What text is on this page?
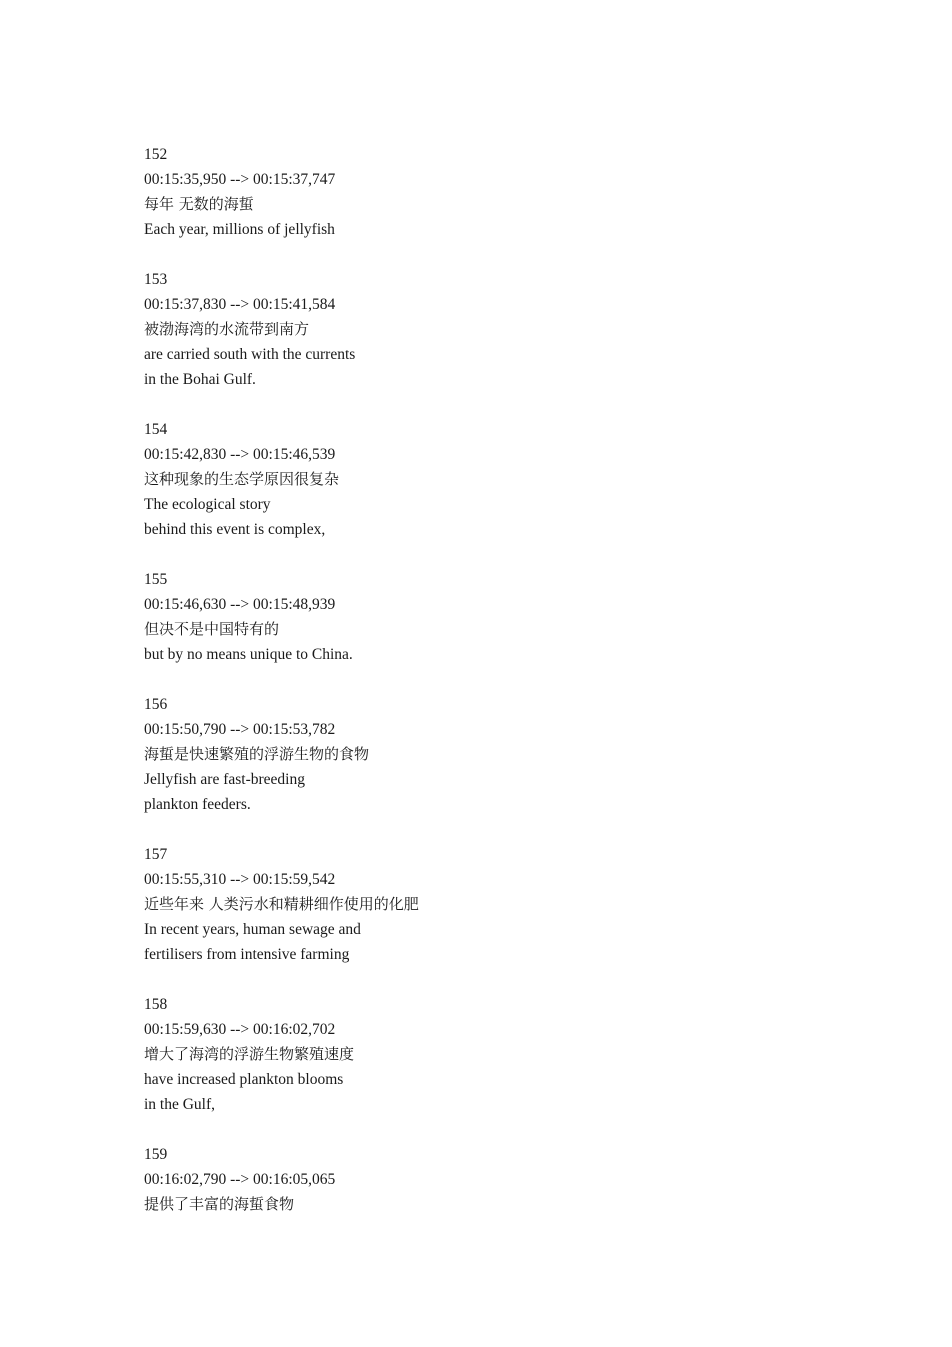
152
00:15:35,950 --> 00:15:37,747
每年 无数的海蜇
Each year, millions of jellyfish
153
00:15:37,830 --> 00:15:41,584
被渤海湾的水流带到南方
are carried south with the currents
in the Bohai Gulf.
154
00:15:42,830 --> 00:15:46,539
这种现象的生态学原因很复杂
The ecological story
behind this event is complex,
155
00:15:46,630 --> 00:15:48,939
但决不是中国特有的
but by no means unique to China.
156
00:15:50,790 --> 00:15:53,782
海蜇是快速繁殖的浮游生物的食物
Jellyfish are fast-breeding
plankton feeders.
157
00:15:55,310 --> 00:15:59,542
近些年来 人类污水和精耕细作使用的化肥
In recent years, human sewage and
fertilisers from intensive farming
158
00:15:59,630 --> 00:16:02,702
增大了海湾的浮游生物繁殖速度
have increased plankton blooms
in the Gulf,
159
00:16:02,790 --> 00:16:05,065
提供了丰富的海蜇食物
